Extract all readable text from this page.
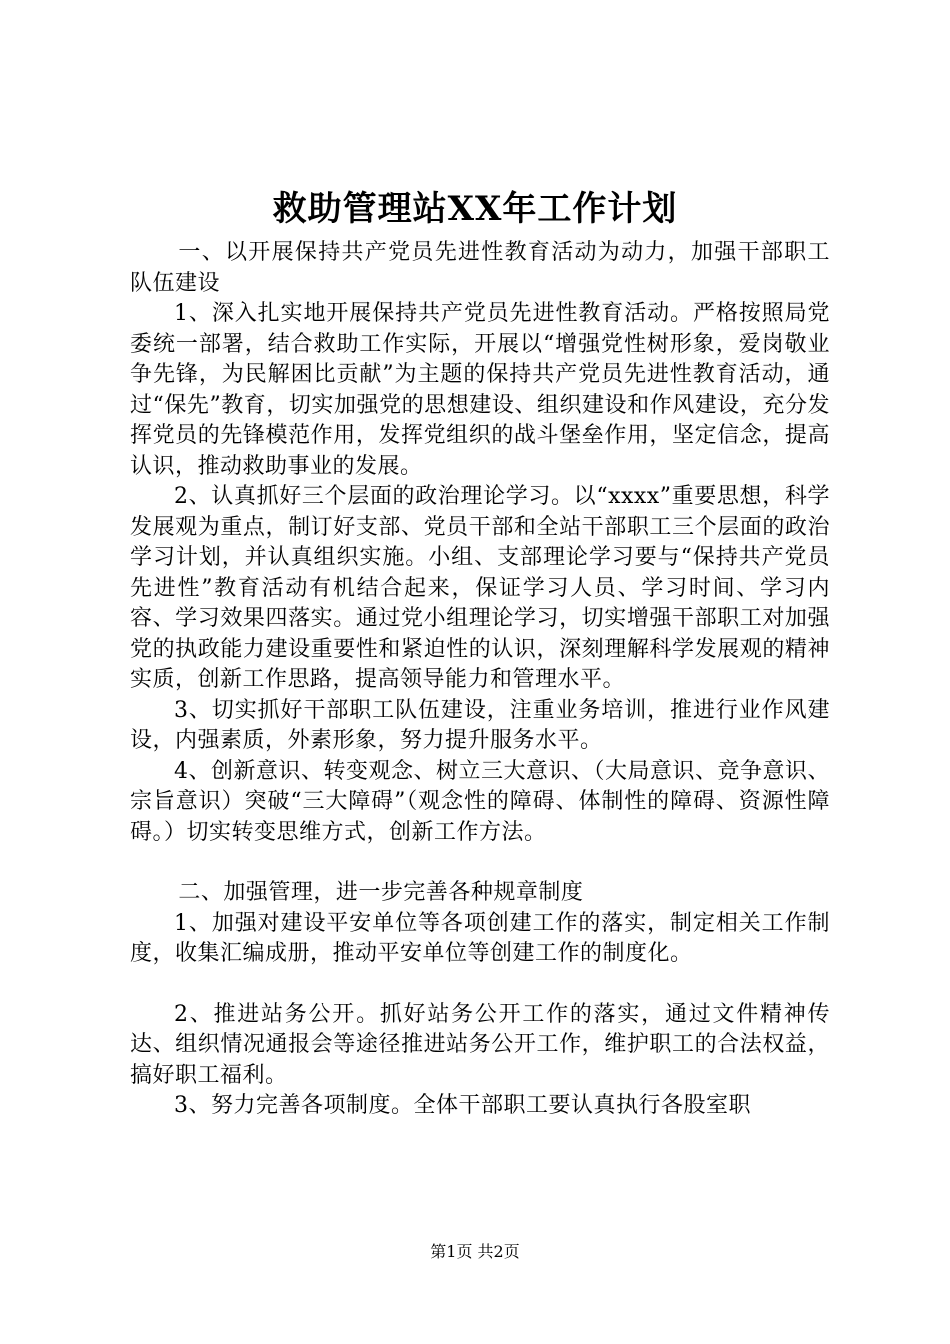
救助管理站XX年工作计划

一、以开展保持共产党员先进性教育活动为动力，加强干部职工队伍建设

1、深入扎实地开展保持共产党员先进性教育活动。严格按照局党委统一部署，结合救助工作实际，开展以“增强党性树形象，爱岗敬业争先锋，为民解困比贡献”为主题的保持共产党员先进性教育活动，通过“保先”教育，切实加强党的思想建设、组织建设和作风建设，充分发挥党员的先锋模范作用，发挥党组织的战斗堡垒作用，坚定信念，提高认识，推动救助事业的发展。

2、认真抓好三个层面的政治理论学习。以“xxxx”重要思想，科学发展观为重点，制订好支部、党员干部和全站干部职工三个层面的政治学习计划，并认真组织实施。小组、支部理论学习要与“保持共产党员先进性”教育活动有机结合起来，保证学习人员、学习时间、学习内容、学习效果四落实。通过党小组理论学习，切实增强干部职工对加强党的执政能力建设重要性和紧迫性的认识，深刻理解科学发展观的精神实质，创新工作思路，提高领导能力和管理水平。

3、切实抓好干部职工队伍建设，注重业务培训，推进行业作风建设，内强素质，外素形象，努力提升服务水平。

4、创新意识、转变观念、树立三大意识、（大局意识、竞争意识、宗旨意识）突破“三大障碍”（观念性的障碍、体制性的障碍、资源性障碍。）切实转变思维方式，创新工作方法。

二、加强管理，进一步完善各种规章制度

1、加强对建设平安单位等各项创建工作的落实，制定相关工作制度，收集汇编成册，推动平安单位等创建工作的制度化。

2、推进站务公开。抓好站务公开工作的落实，通过文件精神传达、组织情况通报会等途径推进站务公开工作，维护职工的合法权益，搞好职工福利。

3、努力完善各项制度。全体干部职工要认真执行各股室职

第1页 共2页
